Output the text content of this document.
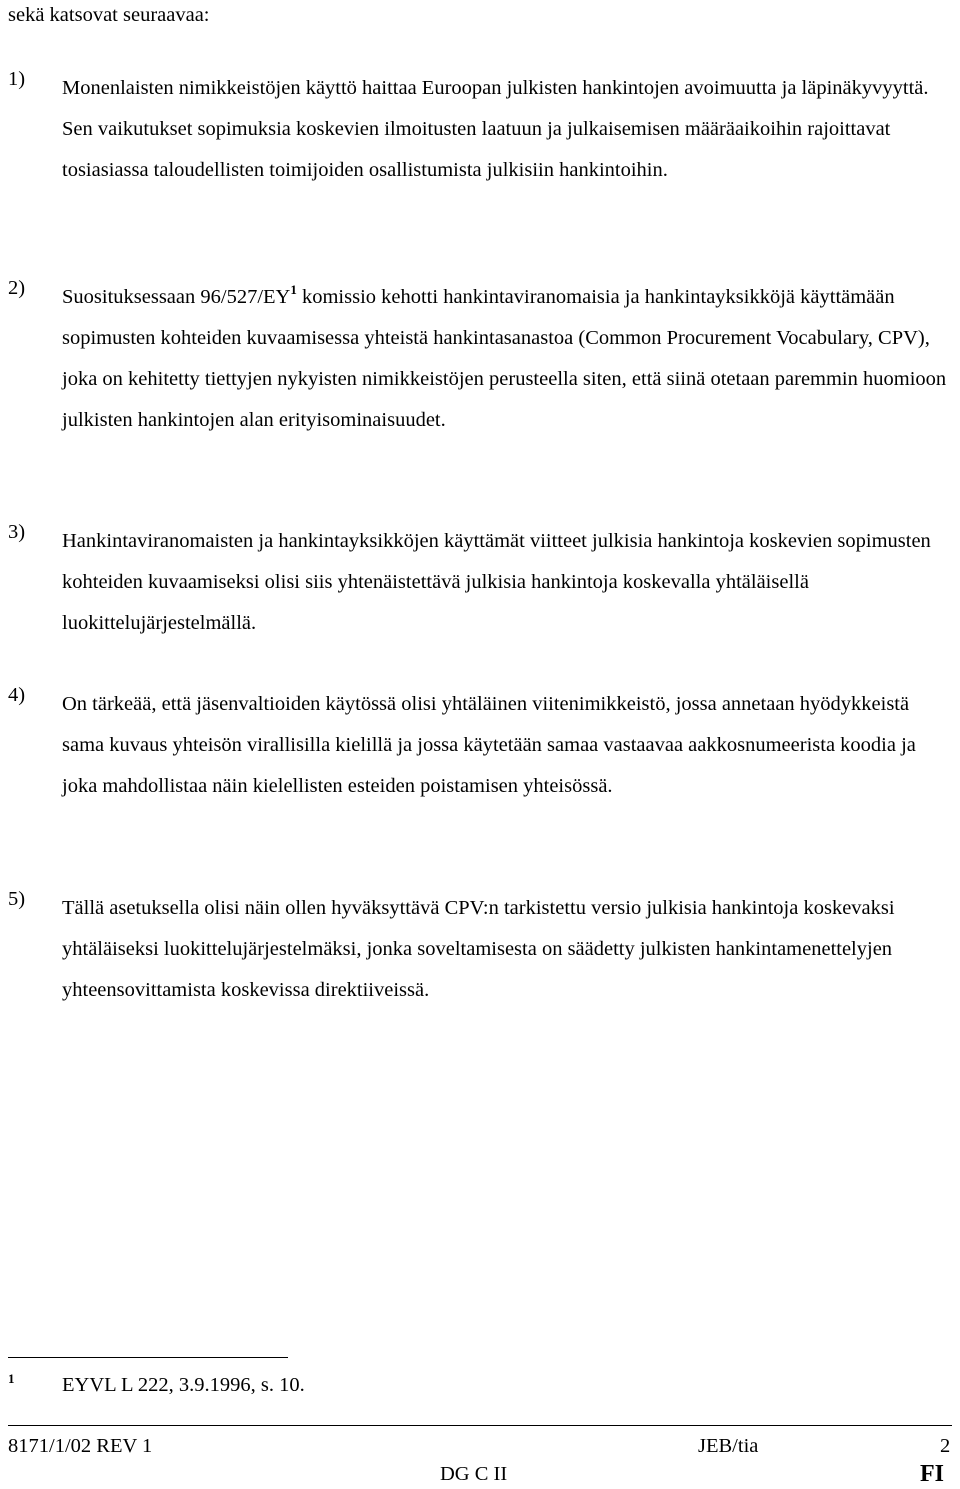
sekä katsovat seuraavaa:
1) Monenlaisten nimikkeistöjen käyttö haittaa Euroopan julkisten hankintojen avoimuutta ja läpinäkyvyyttä. Sen vaikutukset sopimuksia koskevien ilmoitusten laatuun ja julkaisemisen määräaikoihin rajoittavat tosiasiassa taloudellisten toimijoiden osallistumista julkisiin hankintoihin.
2) Suosituksessaan $96/527/EY^1$ komissio kehotti hankintaviranomaisia ja hankintayksikköjä käyttämään sopimusten kohteiden kuvaamisessa yhteistä hankintasanastoa (Common Procurement Vocabulary, CPV), joka on kehitetty tiettyjen nykyisten nimikkeistöjen perusteella siten, että siinä otetaan paremmin huomioon julkisten hankintojen alan erityisominaisuudet.
3) Hankintaviranomaisten ja hankintayksikköjen käyttämät viitteet julkisia hankintoja koskevien sopimusten kohteiden kuvaamiseksi olisi siis yhtenäistettävä julkisia hankintoja koskevalla yhtäläisellä luokittelujärjestelmällä.
4) On tärkeää, että jäsenvaltioiden käytössä olisi yhtäläinen viitenimikkeistö, jossa annetaan hyödykkeistä sama kuvaus yhteisön virallisilla kielillä ja jossa käytetään samaa vastaavaa aakkosnumeerista koodia ja joka mahdollistaa näin kielellisten esteiden poistamisen yhteisössä.
5) Tällä asetuksella olisi näin ollen hyväksyttävä CPV:n tarkistettu versio julkisia hankintoja koskevaksi yhtäläiseksi luokittelujärjestelmäksi, jonka soveltamisesta on säädetty julkisten hankintamenettelyjen yhteensovittamista koskevissa direktiiveissä.
1 EYVL L 222, 3.9.1996, s. 10.
8171/1/02 REV 1	JEB/tia	2
DG C II	FI
